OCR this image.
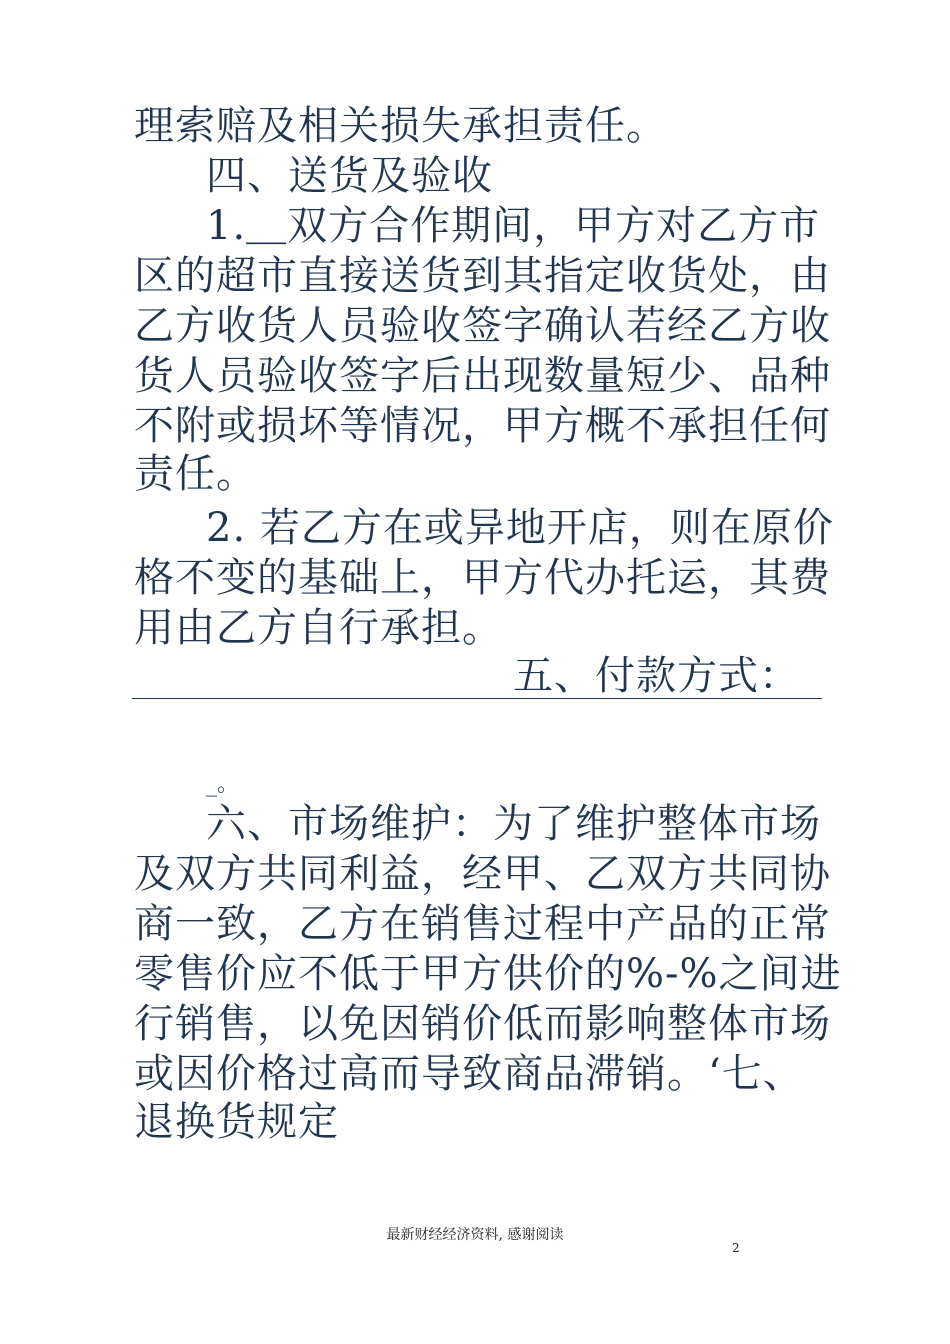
理索赔及相关损失承担责任。
四、送货及验收
1.＿双方合作期间，甲方对乙方市
区的超市直接送货到其指定收货处，由
乙方收货人员验收签字确认若经乙方收
货人员验收签字后出现数量短少、品种
不附或损坏等情况，甲方概不承担任何
责任。
2. 若乙方在或异地开店，则在原价
格不变的基础上，甲方代办托运，其费
用由乙方自行承担。
五、付款方式：
_。
六、市场维护：为了维护整体市场
及双方共同利益，经甲、乙双方共同协
商一致，乙方在销售过程中产品的正常
零售价应不低于甲方供价的%-%之间进
行销售，以免因销价低而影响整体市场
或因价格过高而导致商品滞销。‘七、
退换货规定
最新财经经济资料, 感谢阅读
2
